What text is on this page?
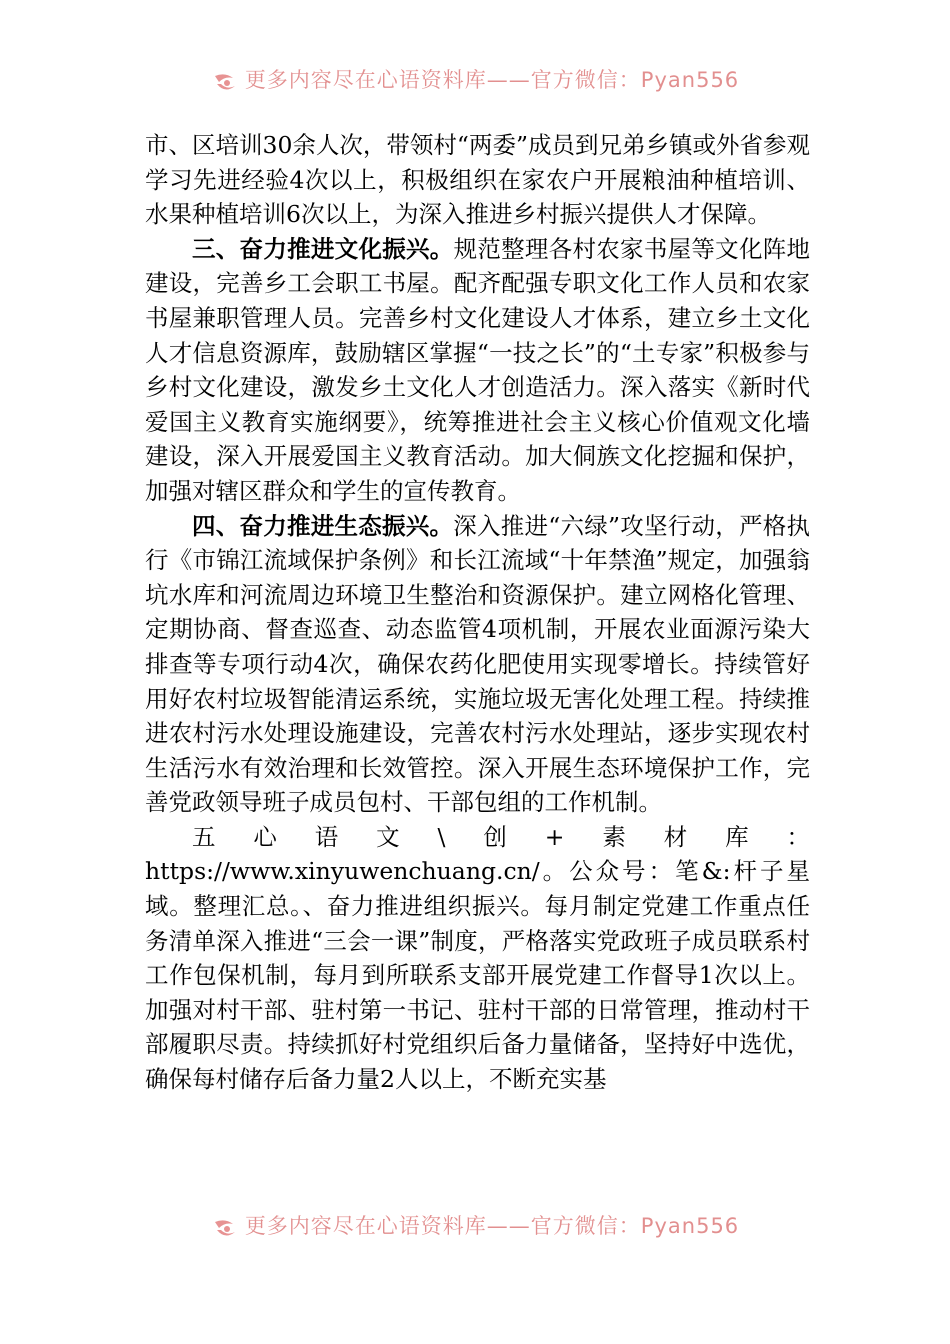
更多内容尽在心语资料库——官方微信：Pyan556

市、区培训30余人次，带领村“两委”成员到兄弟乡镇或外省参观学习先进经验4次以上，积极组织在家农户开展粮油种植培训、水果种植培训6次以上，为深入推进乡村振兴提供人才保障。

三、奋力推进文化振兴。规范整理各村农家书屋等文化阵地建设，完善乡工会职工书屋。配齐配强专职文化工作人员和农家书屋兼职管理人员。完善乡村文化建设人才体系，建立乡土文化人才信息资源库，鼓励辖区掌握“一技之长”的“土专家”积极参与乡村文化建设，激发乡土文化人才创造活力。深入落实《新时代爱国主义教育实施纲要》，统筹推进社会主义核心价值观文化墙建设，深入开展爱国主义教育活动。加大侗族文化挖掘和保护，加强对辖区群众和学生的宣传教育。

四、奋力推进生态振兴。深入推进“六绿”攻坚行动，严格执行《市锦江流域保护条例》和长江流域“十年禁渔”规定，加强翁坑水库和河流周边环境卫生整治和资源保护。建立网格化管理、定期协商、督查巡查、动态监管4项机制，开展农业面源污染大排查等专项行动4次，确保农药化肥使用实现零增长。持续管好用好农村垃圾智能清运系统，实施垃圾无害化处理工程。持续推进农村污水处理设施建设，完善农村污水处理站，逐步实现农村生活污水有效治理和长效管控。深入开展生态环境保护工作，完善党政领导班子成员包村、干部包组的工作机制。

五心语文\创+素材库：https://www.xinyuwenchuang.cn/。公众号：笔&:杆子星域。整理汇总。、奋力推进组织振兴。每月制定党建工作重点任务清单深入推进“三会一课”制度，严格落实党政班子成员联系村工作包保机制，每月到所联系支部开展党建工作督导1次以上。加强对村干部、驻村第一书记、驻村干部的日常管理，推动村干部履职尽责。持续抓好村党组织后备力量储备，坚持好中选优，确保每村储存后备力量2人以上，不断充实基

更多内容尽在心语资料库——官方微信：Pyan556
